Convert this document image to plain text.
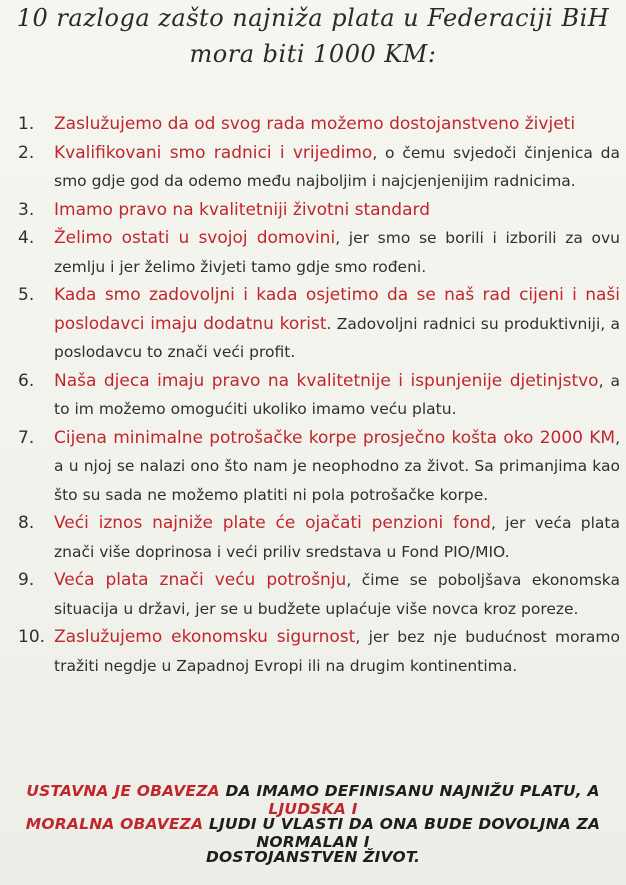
10 razloga zašto najniža plata u Federaciji BiH
mora biti 1000 KM:
1. Zaslužujemo da od svog rada možemo dostojanstveno živjeti
2. Kvalifikovani smo radnici i vrijedimo, o čemu svjedoči činjenica da smo gdje god da odemo među najboljim i najcjenjenijim radnicima.
3. Imamo pravo na kvalitetniji životni standard
4. Želimo ostati u svojoj domovini, jer smo se borili i izborili za ovu zemlju i jer želimo živjeti tamo gdje smo rođeni.
5. Kada smo zadovoljni i kada osjetimo da se naš rad cijeni i naši poslodavci imaju dodatnu korist. Zadovoljni radnici su produktivniji, a poslodavcu to znači veći profit.
6. Naša djeca imaju pravo na kvalitetnije i ispunjenije djetinjstvo, a to im možemo omogućiti ukoliko imamo veću platu.
7. Cijena minimalne potrošačke korpe prosječno košta oko 2000 KM, a u njoj se nalazi ono što nam je neophodno za život. Sa primanjima kao što su sada ne možemo platiti ni pola potrošačke korpe.
8. Veći iznos najniže plate će ojačati penzioni fond, jer veća plata znači više doprinosa i veći priliv sredstava u Fond PIO/MIO.
9. Veća plata znači veću potrošnju, čime se poboljšava ekonomska situacija u državi, jer se u budžete uplaćuje više novca kroz poreze.
10. Zaslužujemo ekonomsku sigurnost, jer bez nje budućnost moramo tražiti negdje u Zapadnoj Evropi ili na drugim kontinentima.
USTAVNA JE OBAVEZA DA IMAMO DEFINISANU NAJNIŽU PLATU, A LJUDSKA I
MORALNA OBAVEZA LJUDI U VLASTI DA ONA BUDE DOVOLJNA ZA NORMALAN I
DOSTOJANSTVEN ŽIVOT.
